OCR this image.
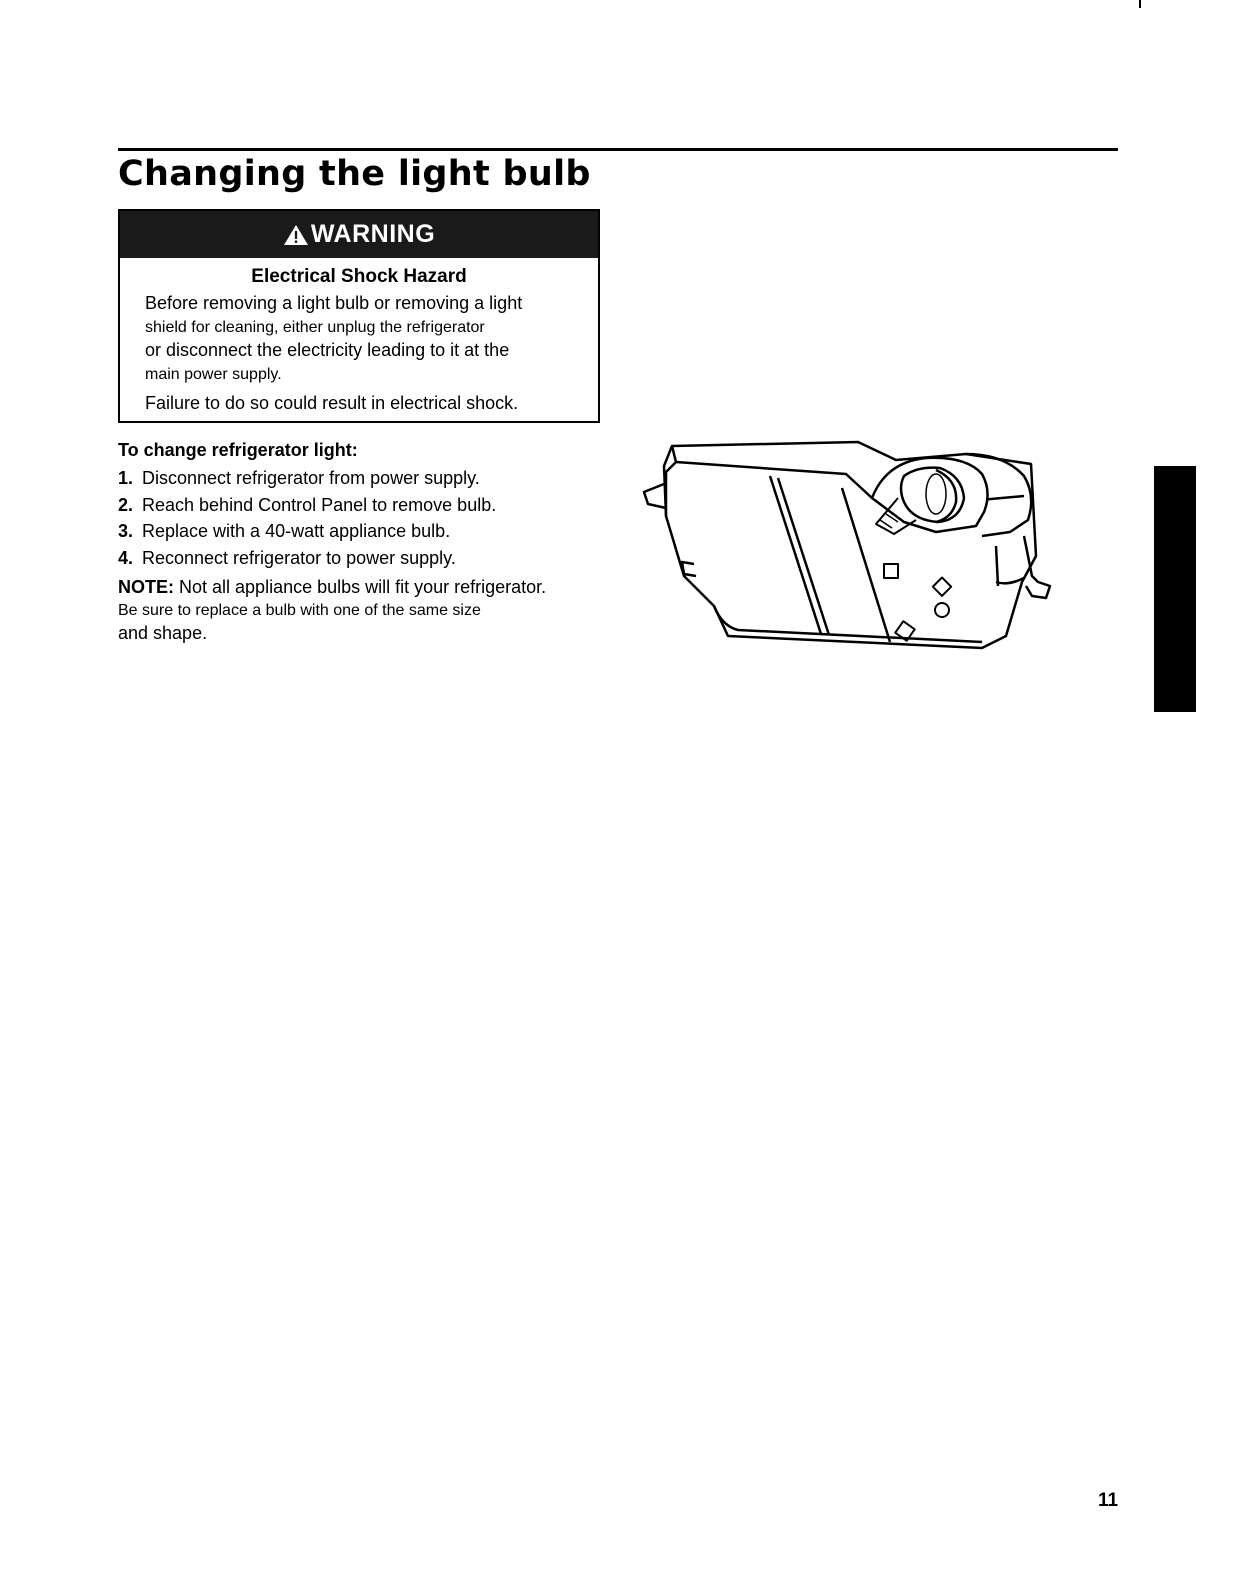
Changing the light bulb
WARNING
Electrical Shock Hazard

Before removing a light bulb or removing a light
shield for cleaning, either unplug the refrigerator
or disconnect the electricity leading to it at the
main power supply.

Failure to do so could result in electrical shock.

To change refrigerator light:
1. Disconnect refrigerator from power supply.
2. Reach behind Control Panel to remove bulb.
3. Replace with a 40-watt appliance bulb.
4. Reconnect refrigerator to power supply.
NOTE: Not all appliance bulbs will fit your refrigerator.
Be sure to replace a bulb with one of the same size
and shape.
11
